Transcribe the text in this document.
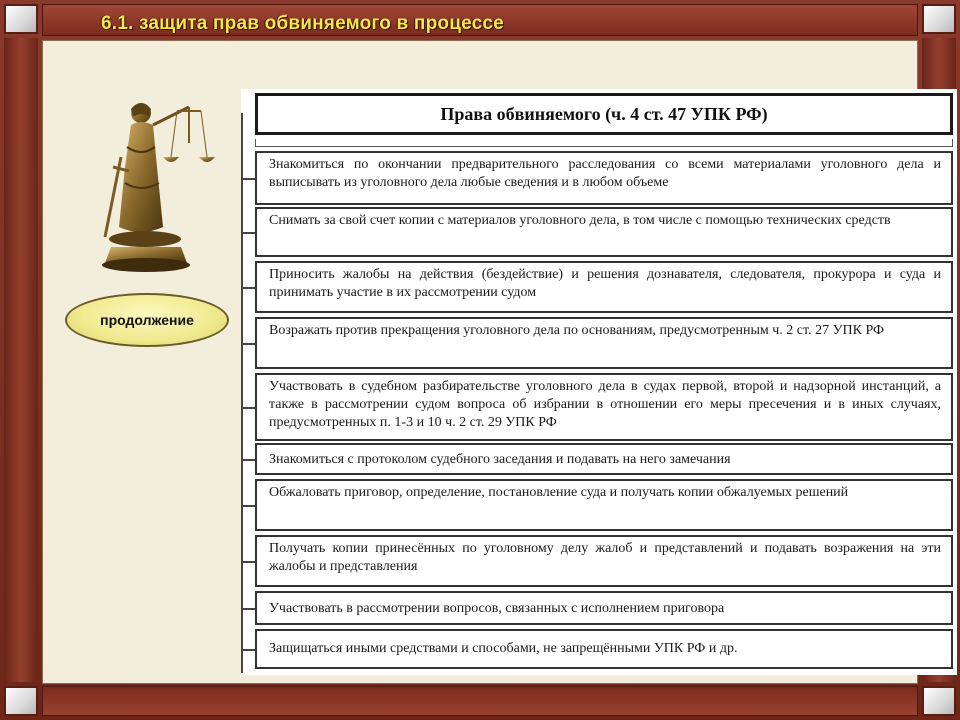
6.1. защита прав обвиняемого в процессе
продолжение
Права обвиняемого (ч. 4 ст. 47 УПК РФ)
Знакомиться по окончании предварительного расследования со всеми материалами уголовного дела и выписывать из уголовного дела любые сведения и в любом объеме
Снимать за свой счет копии с материалов уголовного дела, в том числе с помощью технических средств
Приносить жалобы на действия (бездействие) и решения дознавателя, следователя, прокурора и суда и принимать участие в их рассмотрении судом
Возражать против прекращения уголовного дела по основаниям, предусмотренным ч. 2 ст. 27 УПК РФ
Участвовать в судебном разбирательстве уголовного дела в судах первой, второй и надзорной инстанций, а также в рассмотрении судом вопроса об избрании в отношении его меры пресечения и в иных случаях, предусмотренных п. 1-3 и 10 ч. 2 ст. 29 УПК РФ
Знакомиться с протоколом судебного заседания и подавать на него замечания
Обжаловать приговор, определение, постановление суда и получать копии обжалуемых решений
Получать копии принесённых по уголовному делу жалоб и представлений и подавать возражения на эти жалобы и представления
Участвовать в рассмотрении вопросов, связанных с исполнением приговора
Защищаться иными средствами и способами, не запрещёнными УПК РФ и др.
